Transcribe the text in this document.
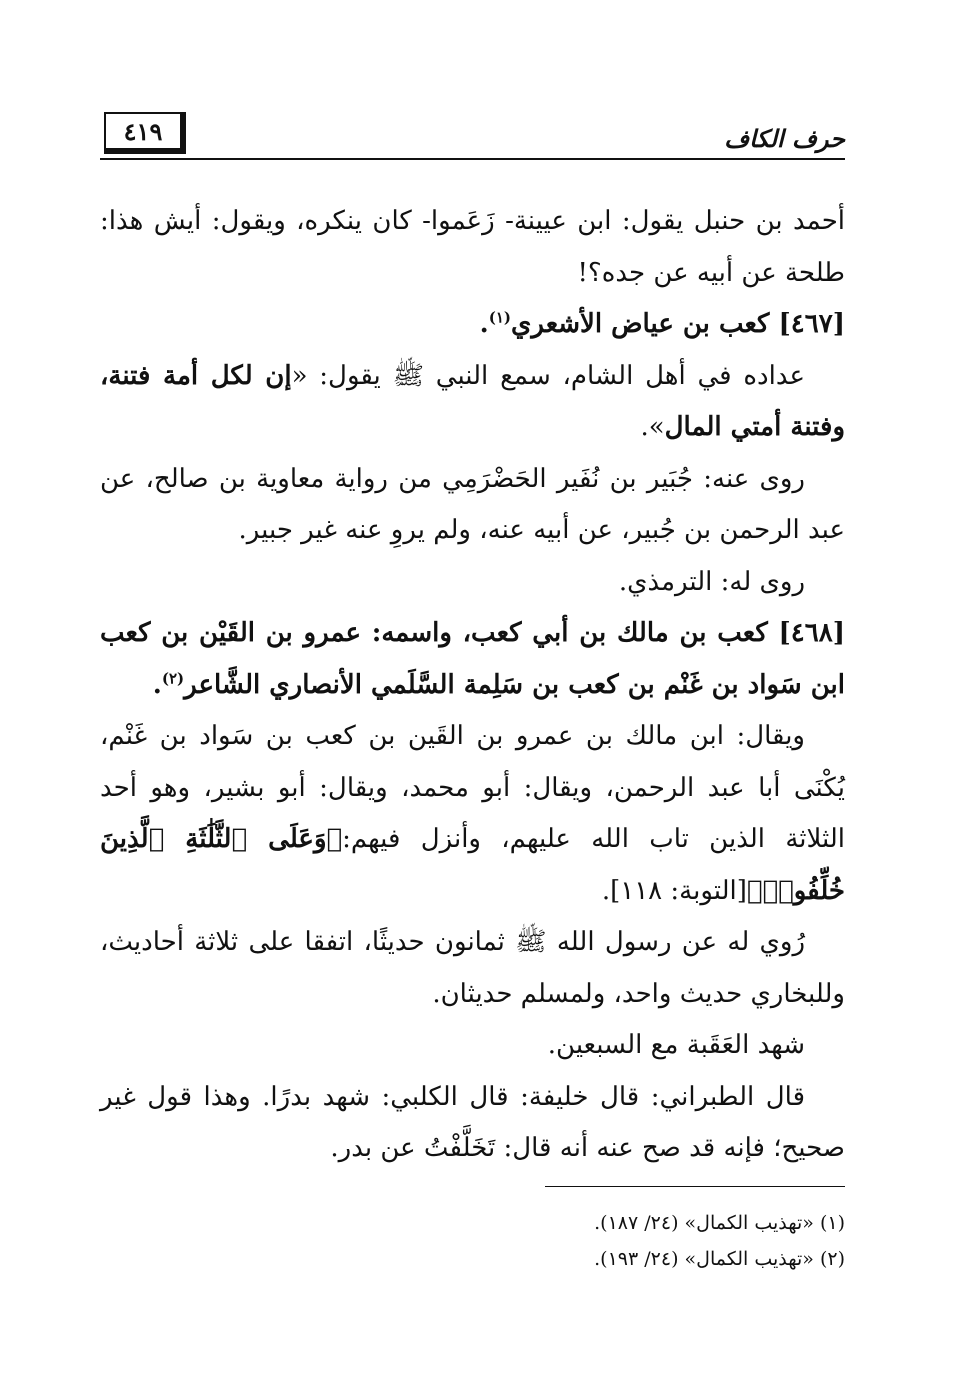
٤١٩	حرف الكاف

أحمد بن حنبل يقول: ابن عيينة- زَعَموا- كان ينكره، ويقول: أيش هذا: طلحة عن أبيه عن جده؟!

[٤٦٧] كعب بن عياض الأشعري$^{(١)}$.

عداده في أهل الشام، سمع النبي ﷺ يقول: «إن لكل أمة فتنة، وفتنة أمتي المال».

روى عنه: جُبَير بن نُفَير الحَضْرَمِي من رواية معاوية بن صالح، عن عبد الرحمن بن جُبير، عن أبيه عنه، ولم يروِ عنه غير جبير.

روى له: الترمذي.

[٤٦٨] كعب بن مالك بن أبي كعب، واسمه: عمرو بن القَيْن بن كعب ابن سَواد بن غَنْم بن كعب بن سَلِمة السَّلَمي الأنصاري الشَّاعر$^{(٢)}$.

ويقال: ابن مالك بن عمرو بن القَين بن كعب بن سَواد بن غَنْم، يُكْنَى أبا عبد الرحمن، ويقال: أبو محمد، ويقال: أبو بشير، وهو أحد الثلاثة الذين تاب الله عليهم، وأنزل فيهم:﴿وَعَلَى ٱلثَّلَٰثَةِ ٱلَّذِينَ خُلِّفُوا۟﴾[التوبة: ١١٨].

رُوي له عن رسول الله ﷺ ثمانون حديثًا، اتفقا على ثلاثة أحاديث، وللبخاري حديث واحد، ولمسلم حديثان.

شهد العَقَبة مع السبعين.

قال الطبراني: قال خليفة: قال الكلبي: شهد بدرًا. وهذا قول غير صحيح؛ فإنه قد صح عنه أنه قال: تَخَلَّفْتُ عن بدر.

(١) «تهذيب الكمال» (٢٤/ ١٨٧).
(٢) «تهذيب الكمال» (٢٤/ ١٩٣).
